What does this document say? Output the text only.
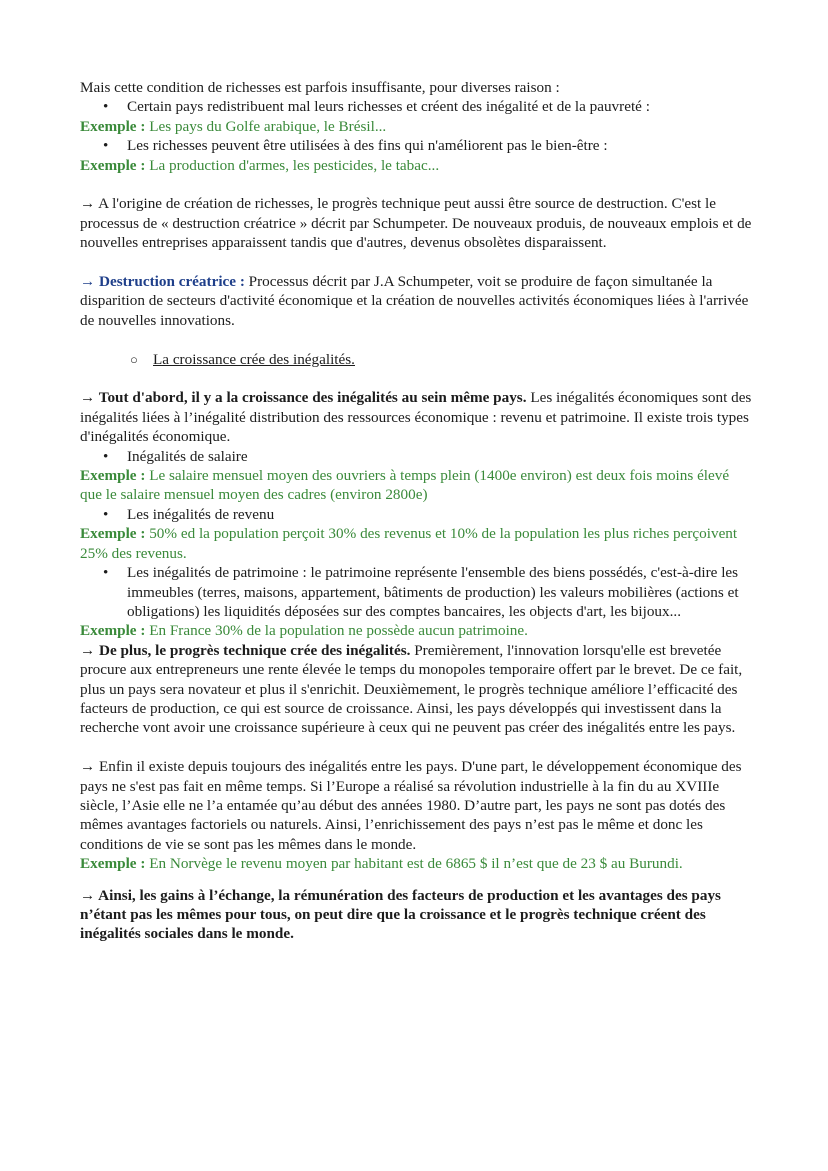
Mais cette condition de richesses est parfois insuffisante, pour diverses raison :

• Certain pays redistribuent mal leurs richesses et créent des inégalité et de la pauvreté :

Exemple : Les pays du Golfe arabique, le Brésil...

• Les richesses peuvent être utilisées à des fins qui n'améliorent pas le bien-être :

Exemple : La production d'armes, les pesticides, le tabac...

→ A l'origine de création de richesses, le progrès technique peut aussi être source de destruction. C'est le processus de « destruction créatrice » décrit par Schumpeter. De nouveaux produis, de nouveaux emplois et de nouvelles entreprises apparaissent tandis que d'autres, devenus obsolètes disparaissent.

→ Destruction créatrice : Processus décrit par J.A Schumpeter, voit se produire de façon simultanée la disparition de secteurs d'activité économique et la création de nouvelles activités économiques liées à l'arrivée de nouvelles innovations.

○ La croissance crée des inégalités.

→ Tout d'abord, il y a la croissance des inégalités au sein même pays. Les inégalités économiques sont des inégalités liées à l’inégalité distribution des ressources économique : revenu et patrimoine. Il existe trois types d'inégalités économique.

• Inégalités de salaire

Exemple : Le salaire mensuel moyen des ouvriers à temps plein (1400e environ) est deux fois moins élevé que le salaire mensuel moyen des cadres (environ 2800e)

• Les inégalités de revenu

Exemple : 50% ed la population perçoit 30% des revenus et 10% de la population les plus riches perçoivent 25% des revenus.

• Les inégalités de patrimoine : le patrimoine représente l'ensemble des biens possédés, c'est-à-dire les immeubles (terres, maisons, appartement, bâtiments de production) les valeurs mobilières (actions et obligations) les liquidités déposées sur des comptes bancaires, les objects d'art, les bijoux...

Exemple : En France 30% de la population ne possède aucun patrimoine.

→ De plus, le progrès technique crée des inégalités. Premièrement, l'innovation lorsqu'elle est brevetée procure aux entrepreneurs une rente élevée le temps du monopoles temporaire offert par le brevet. De ce fait, plus un pays sera novateur et plus il s'enrichit. Deuxièmement, le progrès technique améliore l’efficacité des facteurs de production, ce qui est source de croissance. Ainsi, les pays développés qui investissent dans la recherche vont avoir une croissance supérieure à ceux qui ne peuvent pas créer des inégalités entre les pays.

→ Enfin il existe depuis toujours des inégalités entre les pays. D'une part, le développement économique des pays ne s'est pas fait en même temps. Si l’Europe a réalisé sa révolution industrielle à la fin du au XVIIIe siècle, l’Asie elle ne l’a entamée qu’au début des années 1980. D’autre part, les pays ne sont pas dotés des mêmes avantages factoriels ou naturels. Ainsi, l’enrichissement des pays n’est pas le même et donc les conditions de vie se sont pas les mêmes dans le monde.

Exemple : En Norvège le revenu moyen par habitant est de 6865 $ il n’est que de 23 $ au Burundi.

→ Ainsi, les gains à l’échange, la rémunération des facteurs de production et les avantages des pays n’étant pas les mêmes pour tous, on peut dire que la croissance et le progrès technique créent des inégalités sociales dans le monde.
